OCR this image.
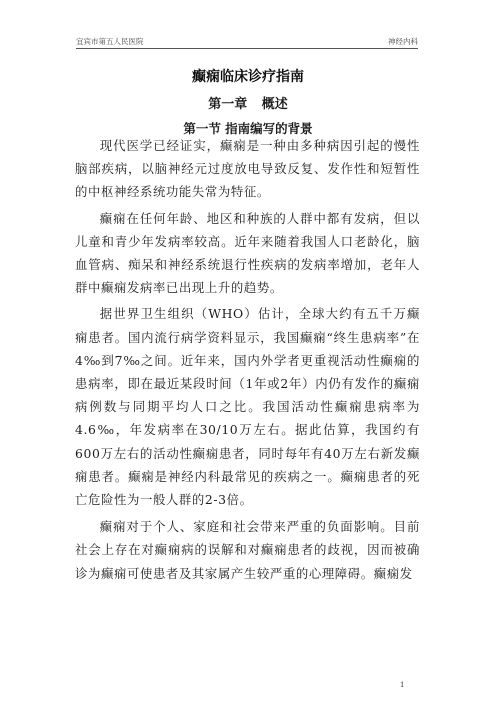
宜宾市第五人民医院	神经内科
癫痫临床诊疗指南
第一章 概述
第一节 指南编写的背景

现代医学已经证实，癫痫是一种由多种病因引起的慢性脑部疾病，以脑神经元过度放电导致反复、发作性和短暂性的中枢神经系统功能失常为特征。

癫痫在任何年龄、地区和种族的人群中都有发病，但以儿童和青少年发病率较高。近年来随着我国人口老龄化，脑血管病、痴呆和神经系统退行性疾病的发病率增加，老年人群中癫痫发病率已出现上升的趋势。

据世界卫生组织（WHO）估计，全球大约有五千万癫痫患者。国内流行病学资料显示，我国癫痫“终生患病率”在4‰到7‰之间。近年来，国内外学者更重视活动性癫痫的患病率，即在最近某段时间（1年或2年）内仍有发作的癫痫病例数与同期平均人口之比。我国活动性癫痫患病率为4.6‰，年发病率在30/10万左右。据此估算，我国约有600万左右的活动性癫痫患者，同时每年有40万左右新发癫痫患者。癫痫是神经内科最常见的疾病之一。癫痫患者的死亡危险性为一般人群的2-3倍。

癫痫对于个人、家庭和社会带来严重的负面影响。目前社会上存在对癫痫病的误解和对癫痫患者的歧视，因而被确诊为癫痫可使患者及其家属产生较严重的心理障碍。癫痫发

1
